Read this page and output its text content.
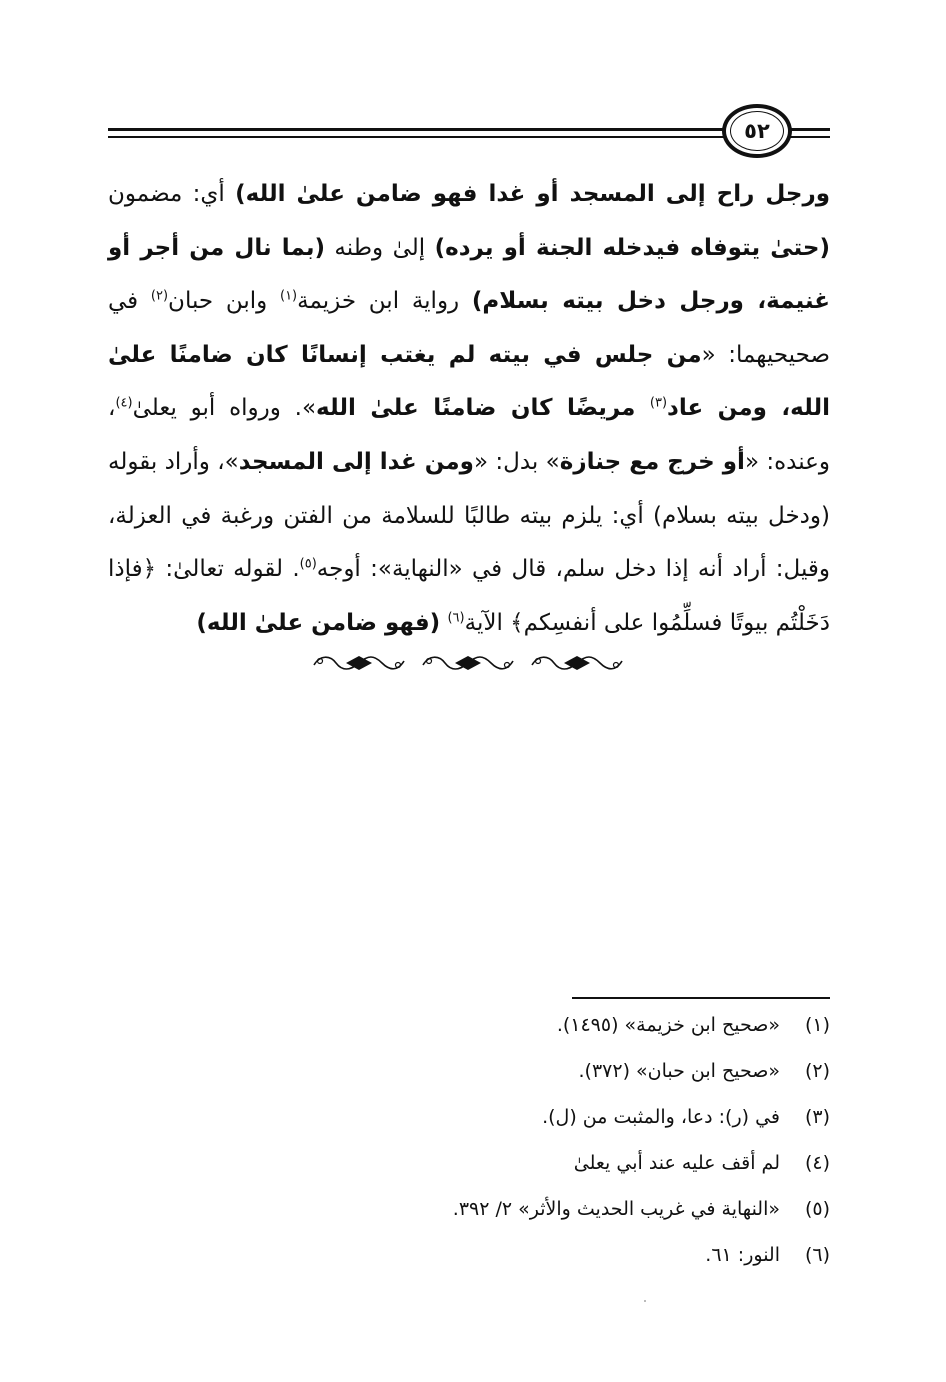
٥٢

ورجل راح إلى المسجد أو غدا فهو ضامن علىٰ الله) أي: مضمون (حتىٰ يتوفاه فيدخله الجنة أو يرده) إلىٰ وطنه (بما نال من أجر أو غنيمة، ورجل دخل بيته بسلام) رواية ابن خزيمة$^{(١)}$ وابن حبان$^{(٢)}$ في صحيحيهما: «من جلس في بيته لم يغتب إنسانًا كان ضامنًا علىٰ الله، ومن عاد$^{(٣)}$ مريضًا كان ضامنًا علىٰ الله». ورواه أبو يعلىٰ$^{(٤)}$، وعنده: «أو خرج مع جنازة» بدل: «ومن غدا إلى المسجد»، وأراد بقوله (ودخل بيته بسلام) أي: يلزم بيته طالبًا للسلامة من الفتن ورغبة في العزلة، وقيل: أراد أنه إذا دخل سلم، قال في «النهاية»: أوجه$^{(٥)}$. لقوله تعالىٰ: ﴿فإذا دَخَلْتُم بيوتًا فسلِّمُوا على أنفسِكم﴾ الآية$^{(٦)}$ (فهو ضامن علىٰ الله)

(١)
«صحيح ابن خزيمة» (١٤٩٥).
(٢)
«صحيح ابن حبان» (٣٧٢).
(٣)
في (ر): دعا، والمثبت من (ل).
(٤)
لم أقف عليه عند أبي يعلىٰ
(٥)
«النهاية في غريب الحديث والأثر» ٢/ ٣٩٢.
(٦)
النور: ٦١.
